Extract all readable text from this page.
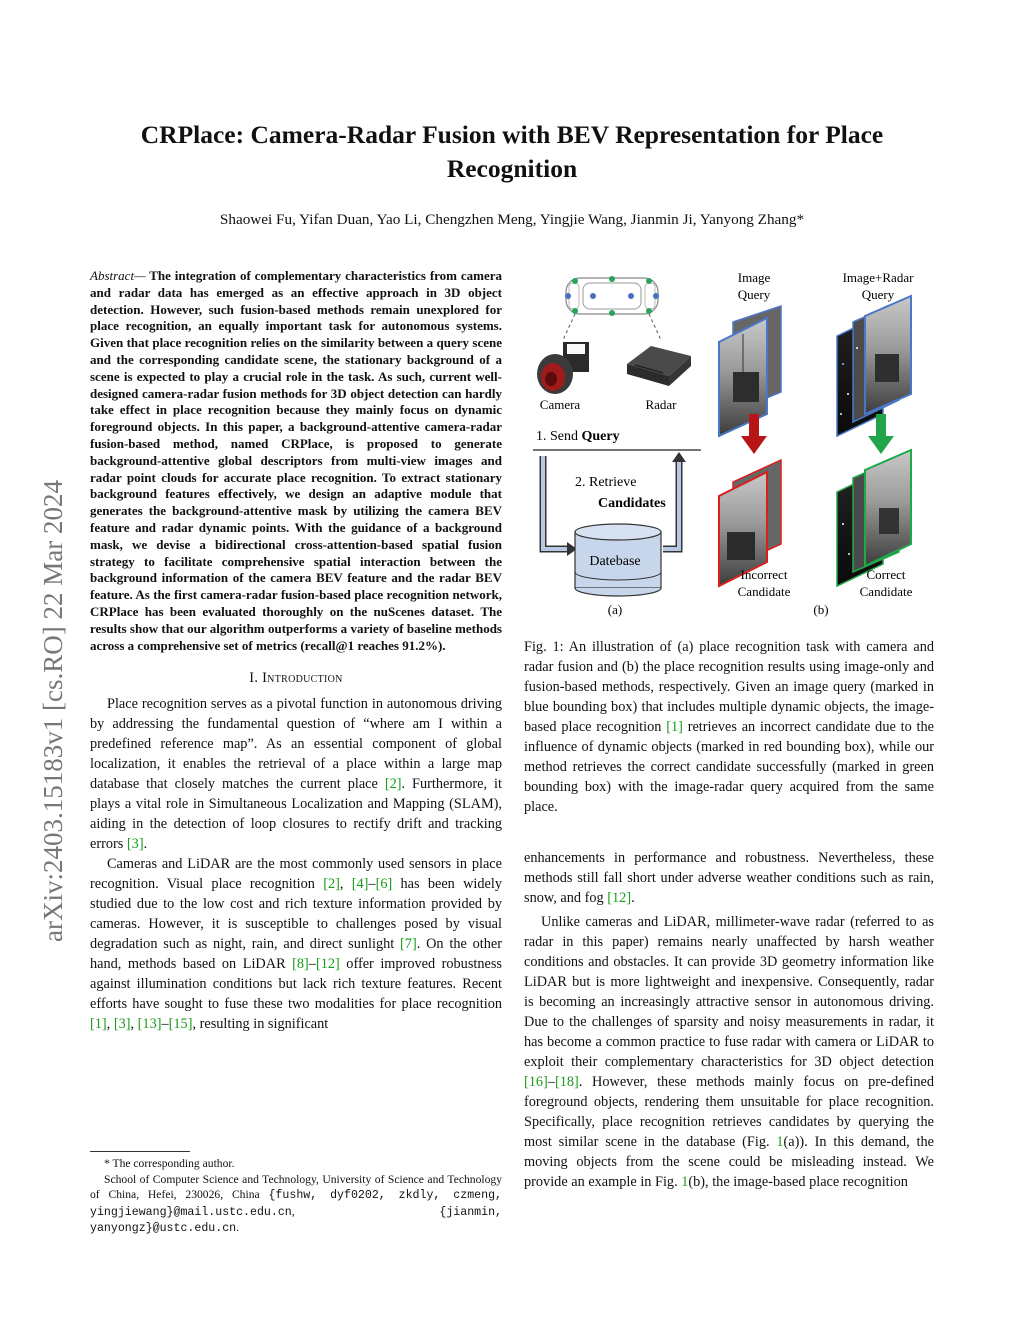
arXiv:2403.15183v1 [cs.RO] 22 Mar 2024
CRPlace: Camera-Radar Fusion with BEV Representation for Place Recognition
Shaowei Fu, Yifan Duan, Yao Li, Chengzhen Meng, Yingjie Wang, Jianmin Ji, Yanyong Zhang*
Abstract— The integration of complementary characteristics from camera and radar data has emerged as an effective approach in 3D object detection. However, such fusion-based methods remain unexplored for place recognition, an equally important task for autonomous systems. Given that place recognition relies on the similarity between a query scene and the corresponding candidate scene, the stationary background of a scene is expected to play a crucial role in the task. As such, current well-designed camera-radar fusion methods for 3D object detection can hardly take effect in place recognition because they mainly focus on dynamic foreground objects. In this paper, a background-attentive camera-radar fusion-based method, named CRPlace, is proposed to generate background-attentive global descriptors from multi-view images and radar point clouds for accurate place recognition. To extract stationary background features effectively, we design an adaptive module that generates the background-attentive mask by utilizing the camera BEV feature and radar dynamic points. With the guidance of a background mask, we devise a bidirectional cross-attention-based spatial fusion strategy to facilitate comprehensive spatial interaction between the background information of the camera BEV feature and the radar BEV feature. As the first camera-radar fusion-based place recognition network, CRPlace has been evaluated thoroughly on the nuScenes dataset. The results show that our algorithm outperforms a variety of baseline methods across a comprehensive set of metrics (recall@1 reaches 91.2%).
I. Introduction

Place recognition serves as a pivotal function in autonomous driving by addressing the fundamental question of “where am I within a predefined reference map”. As an essential component of global localization, it enables the retrieval of a place within a large map database that closely matches the current place [2]. Furthermore, it plays a vital role in Simultaneous Localization and Mapping (SLAM), aiding in the detection of loop closures to rectify drift and tracking errors [3].

Cameras and LiDAR are the most commonly used sensors in place recognition. Visual place recognition [2], [4]–[6] has been widely studied due to the low cost and rich texture information provided by cameras. However, it is susceptible to challenges posed by visual degradation such as night, rain, and direct sunlight [7]. On the other hand, methods based on LiDAR [8]–[12] offer improved robustness against illumination conditions but lack rich texture features. Recent efforts have sought to fuse these two modalities for place recognition [1], [3], [13]–[15], resulting in significant

* The corresponding author.
School of Computer Science and Technology, University of Science and Technology of China, Hefei, 230026, China {fushw, dyf0202, zkdly, czmeng, yingjiewang}@mail.ustc.edu.cn, {jianmin, yanyongz}@ustc.edu.cn.
Camera	Radar
1. Send Query
2. Retrieve
Candidates
Datebase
(a)	(b)
Image
Query
Image+Radar
Query
Incorrect
Candidate
Correct
Candidate
Fig. 1: An illustration of (a) place recognition task with camera and radar fusion and (b) the place recognition results using image-only and fusion-based methods, respectively. Given an image query (marked in blue bounding box) that includes multiple dynamic objects, the image-based place recognition [1] retrieves an incorrect candidate due to the influence of dynamic objects (marked in red bounding box), while our method retrieves the correct candidate successfully (marked in green bounding box) with the image-radar query acquired from the same place.

enhancements in performance and robustness. Nevertheless, these methods still fall short under adverse weather conditions such as rain, snow, and fog [12].

Unlike cameras and LiDAR, millimeter-wave radar (referred to as radar in this paper) remains nearly unaffected by harsh weather conditions and obstacles. It can provide 3D geometry information like LiDAR but is more lightweight and inexpensive. Consequently, radar is becoming an increasingly attractive sensor in autonomous driving. Due to the challenges of sparsity and noisy measurements in radar, it has become a common practice to fuse radar with camera or LiDAR to exploit their complementary characteristics for 3D object detection [16]–[18]. However, these methods mainly focus on pre-defined foreground objects, rendering them unsuitable for place recognition. Specifically, place recognition retrieves candidates by querying the most similar scene in the database (Fig. 1(a)). In this demand, the moving objects from the scene could be misleading instead. We provide an example in Fig. 1(b), the image-based place recognition
